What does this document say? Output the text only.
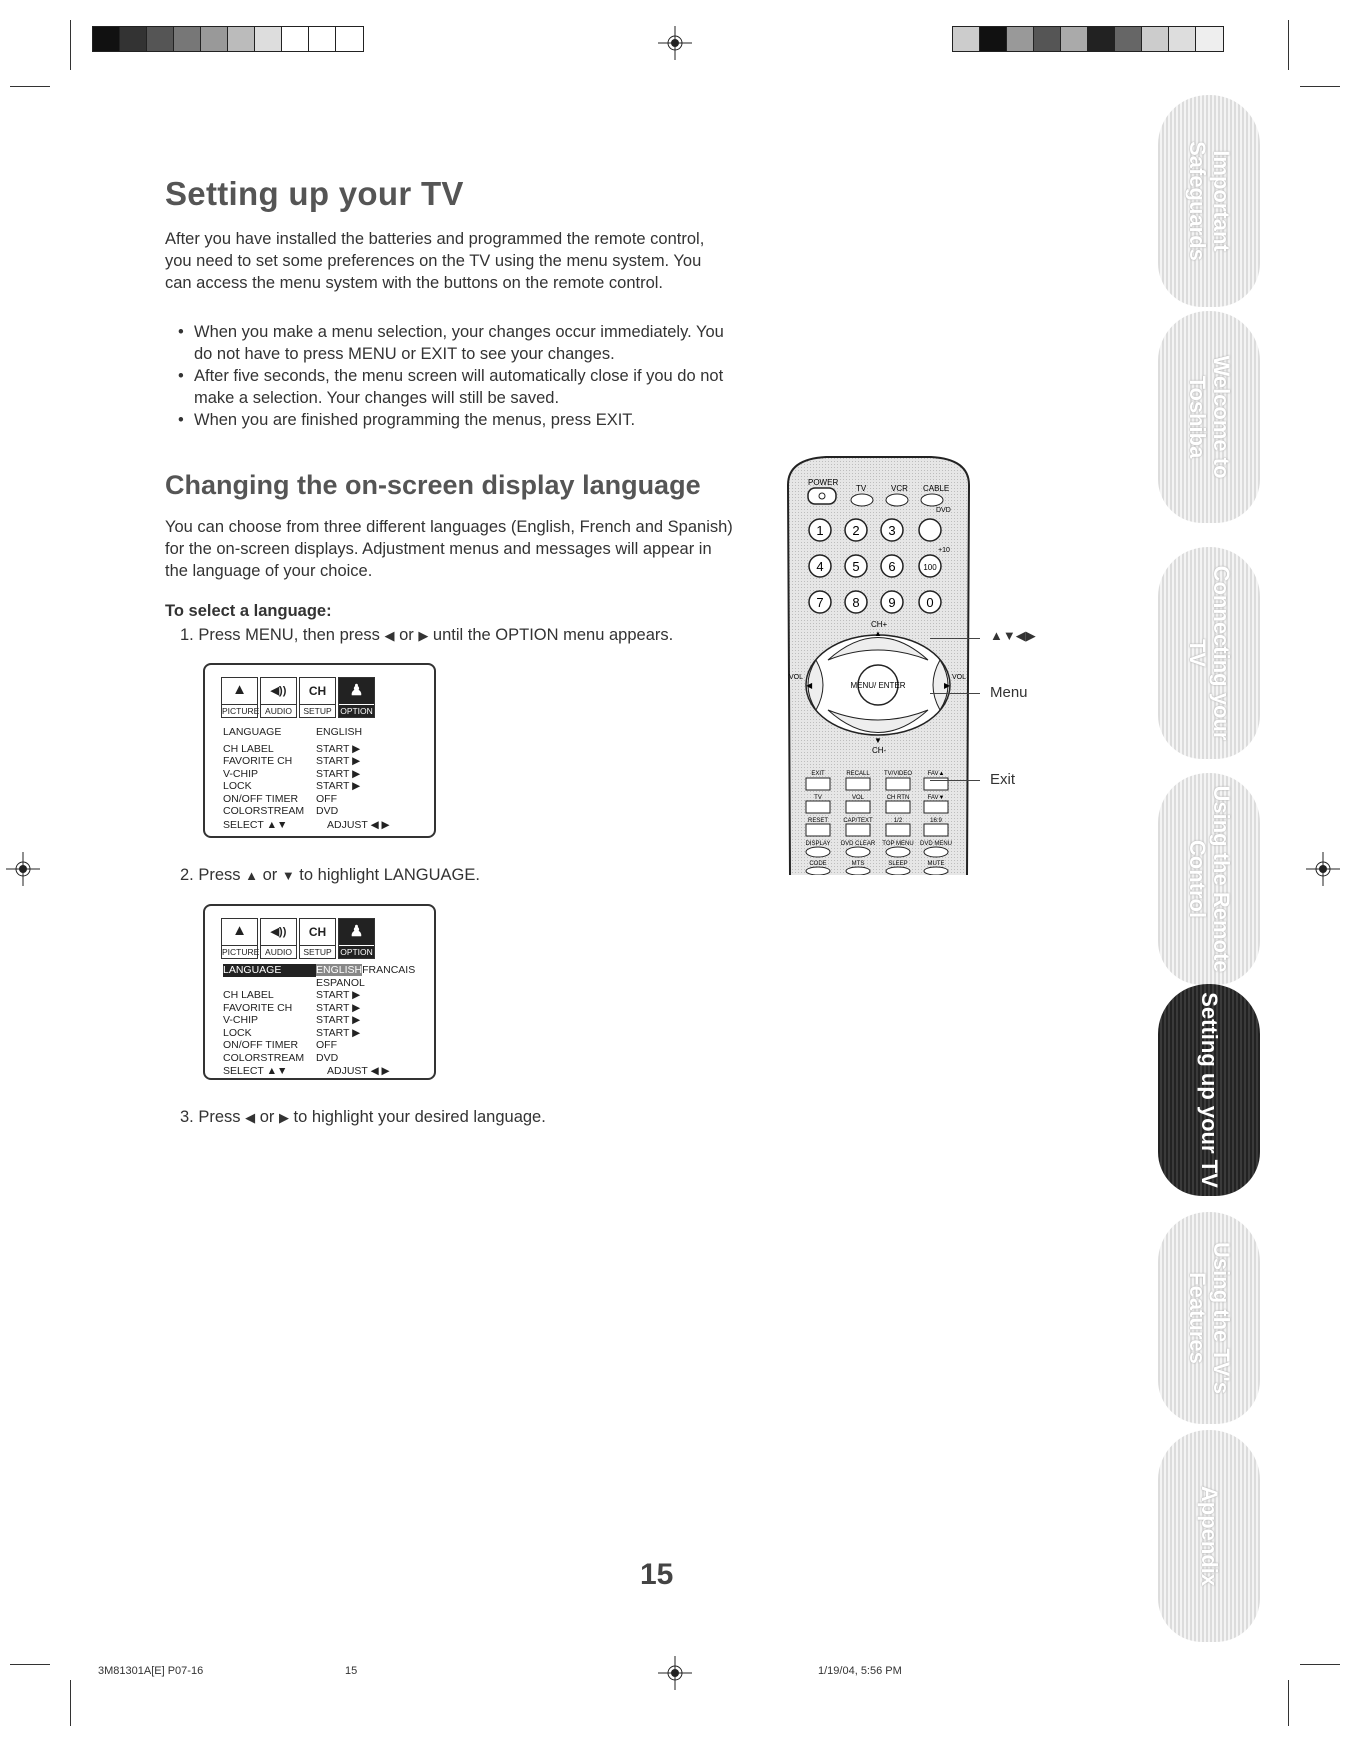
Setting up your TV
After you have installed the batteries and programmed the remote control, you need to set some preferences on the TV using the menu system. You can access the menu system with the buttons on the remote control.
• When you make a menu selection, your changes occur immediately. You do not have to press MENU or EXIT to see your changes.
• After five seconds, the menu screen will automatically close if you do not make a selection. Your changes will still be saved.
• When you are finished programming the menus, press EXIT.
Changing the on-screen display language
You can choose from three different languages (English, French and Spanish) for the on-screen displays. Adjustment menus and messages will appear in the language of your choice.
To select a language:
1. Press MENU, then press ◀ or ▶ until the OPTION menu appears.
▲
PICTURE
◀))
AUDIO
CH
SETUP
♟
OPTION
LANGUAGE	ENGLISH
CH LABEL	START ▶
FAVORITE CH	START ▶
V-CHIP	START ▶
LOCK	START ▶
ON/OFF TIMER	OFF
COLORSTREAM	DVD
SELECT ▲▼	ADJUST ◀ ▶
2. Press ▲ or ▼ to highlight LANGUAGE.
▲
PICTURE
◀))
AUDIO
CH
SETUP
♟
OPTION
LANGUAGE	ENGLISHFRANCAIS
ESPANOL
CH LABEL	START ▶
FAVORITE CH	START ▶
V-CHIP	START ▶
LOCK	START ▶
ON/OFF TIMER	OFF
COLORSTREAM	DVD
SELECT ▲▼	ADJUST ◀ ▶
3. Press ◀ or ▶ to highlight your desired language.
POWER
TV	VCR CABLE
DVD
1 2 3
+10
4 5 6	100
7 8 9 0
CH+
▲
▼
◀	▶
VOL	VOL
MENU/ ENTER
CH-
EXIT	RECALL TV/VIDEO	FAV▲
TV	VOL	CH RTN	FAV▼
RESET	CAP/TEXT	1/2	16:9
DISPLAY DVD CLEAR TOP MENU DVD MENU
CODE	MTS	SLEEP	MUTE
▲▼◀▶
Menu
Exit
Important Safeguards
Welcome to Toshiba
Connecting your TV
Using the Remote Control
Setting up your TV
Using the TV's Features
Appendix
15
3M81301A[E] P07-16	15	1/19/04, 5:56 PM
